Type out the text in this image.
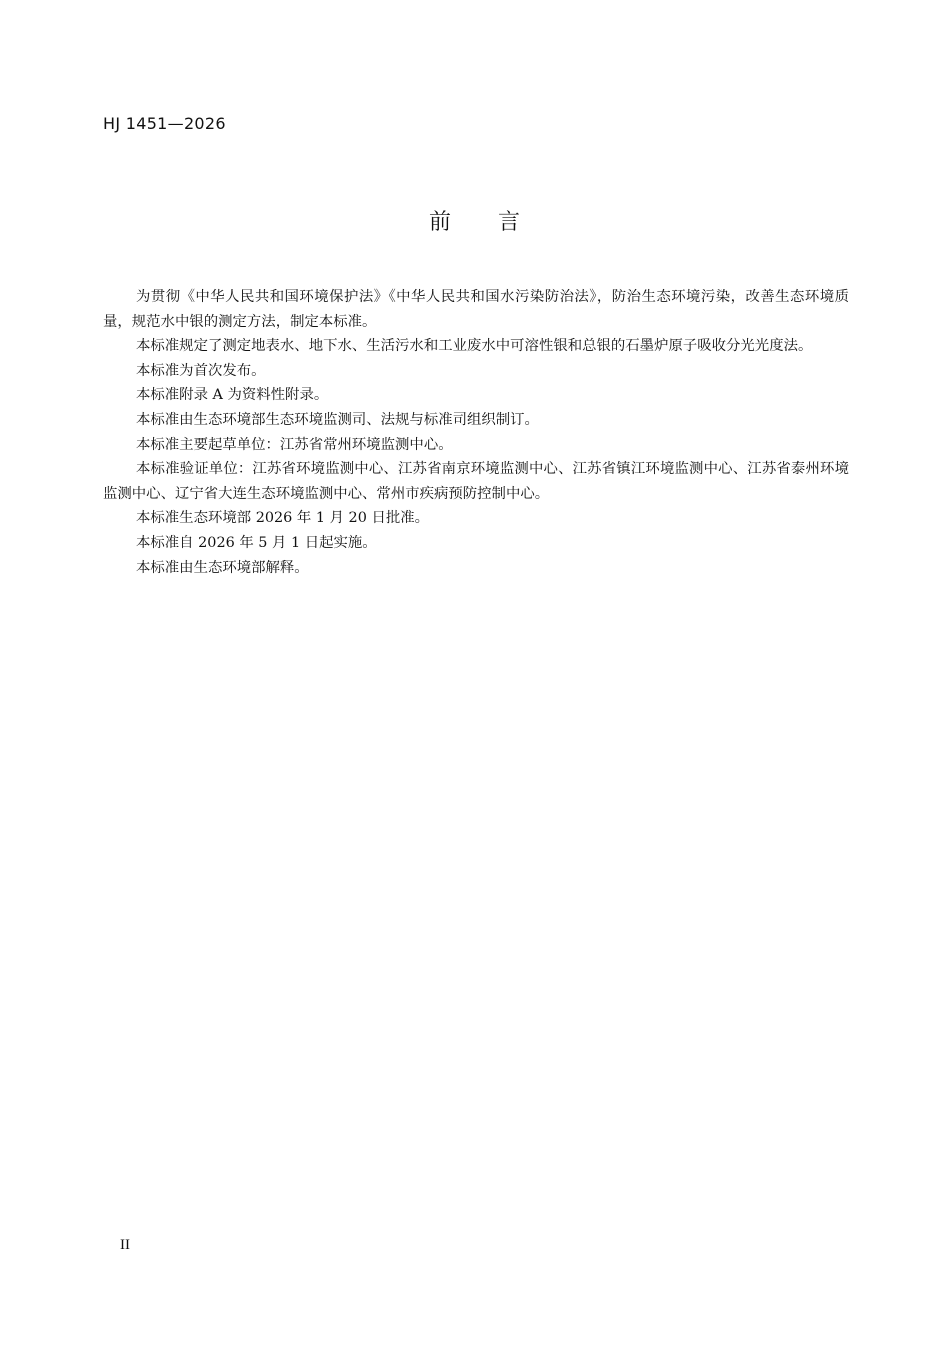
HJ 1451—2026
前　　言

为贯彻《中华人民共和国环境保护法》《中华人民共和国水污染防治法》，防治生态环境污染，改善生态环境质量，规范水中银的测定方法，制定本标准。

本标准规定了测定地表水、地下水、生活污水和工业废水中可溶性银和总银的石墨炉原子吸收分光光度法。

本标准为首次发布。

本标准附录 A 为资料性附录。

本标准由生态环境部生态环境监测司、法规与标准司组织制订。

本标准主要起草单位：江苏省常州环境监测中心。

本标准验证单位：江苏省环境监测中心、江苏省南京环境监测中心、江苏省镇江环境监测中心、江苏省泰州环境监测中心、辽宁省大连生态环境监测中心、常州市疾病预防控制中心。

本标准生态环境部 2026 年 1 月 20 日批准。

本标准自 2026 年 5 月 1 日起实施。

本标准由生态环境部解释。

II
